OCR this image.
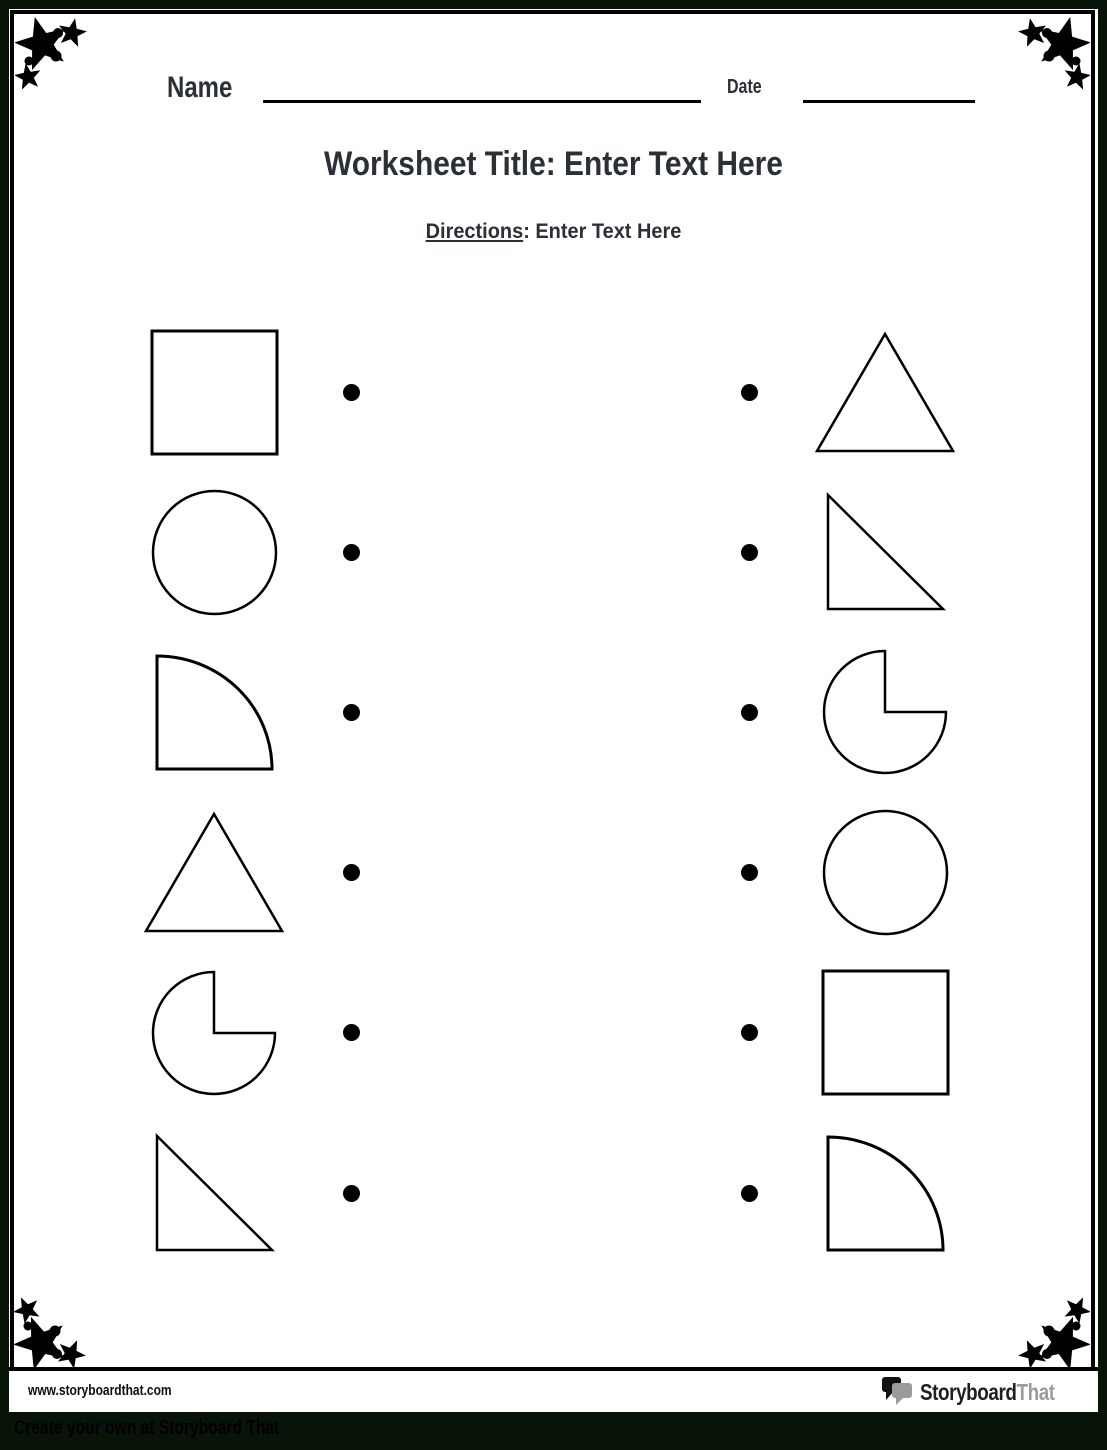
Name	Date
Worksheet Title: Enter Text Here
Directions: Enter Text Here
www.storyboardthat.com	StoryboardThat
Create your own at Storyboard That
